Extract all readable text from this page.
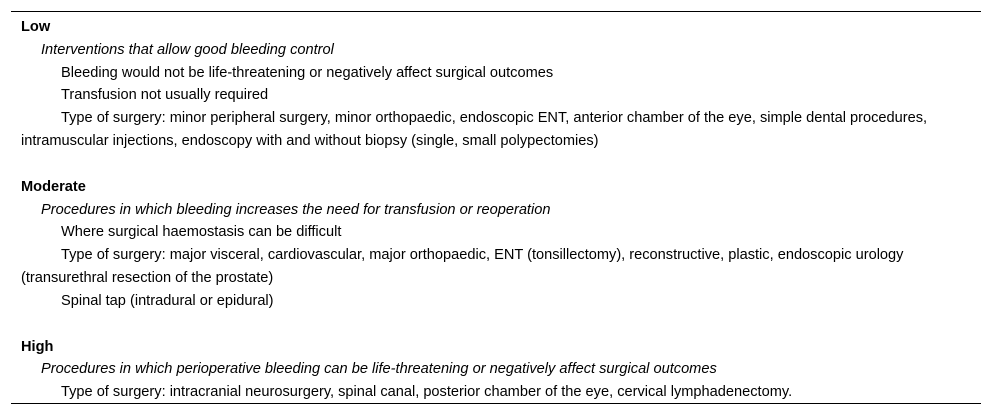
Low
Interventions that allow good bleeding control
Bleeding would not be life-threatening or negatively affect surgical outcomes
Transfusion not usually required
Type of surgery: minor peripheral surgery, minor orthopaedic, endoscopic ENT, anterior chamber of the eye, simple dental procedures, intramuscular injections, endoscopy with and without biopsy (single, small polypectomies)
Moderate
Procedures in which bleeding increases the need for transfusion or reoperation
Where surgical haemostasis can be difficult
Type of surgery: major visceral, cardiovascular, major orthopaedic, ENT (tonsillectomy), reconstructive, plastic, endoscopic urology (transurethral resection of the prostate)
Spinal tap (intradural or epidural)
High
Procedures in which perioperative bleeding can be life-threatening or negatively affect surgical outcomes
Type of surgery: intracranial neurosurgery, spinal canal, posterior chamber of the eye, cervical lymphadenectomy.
